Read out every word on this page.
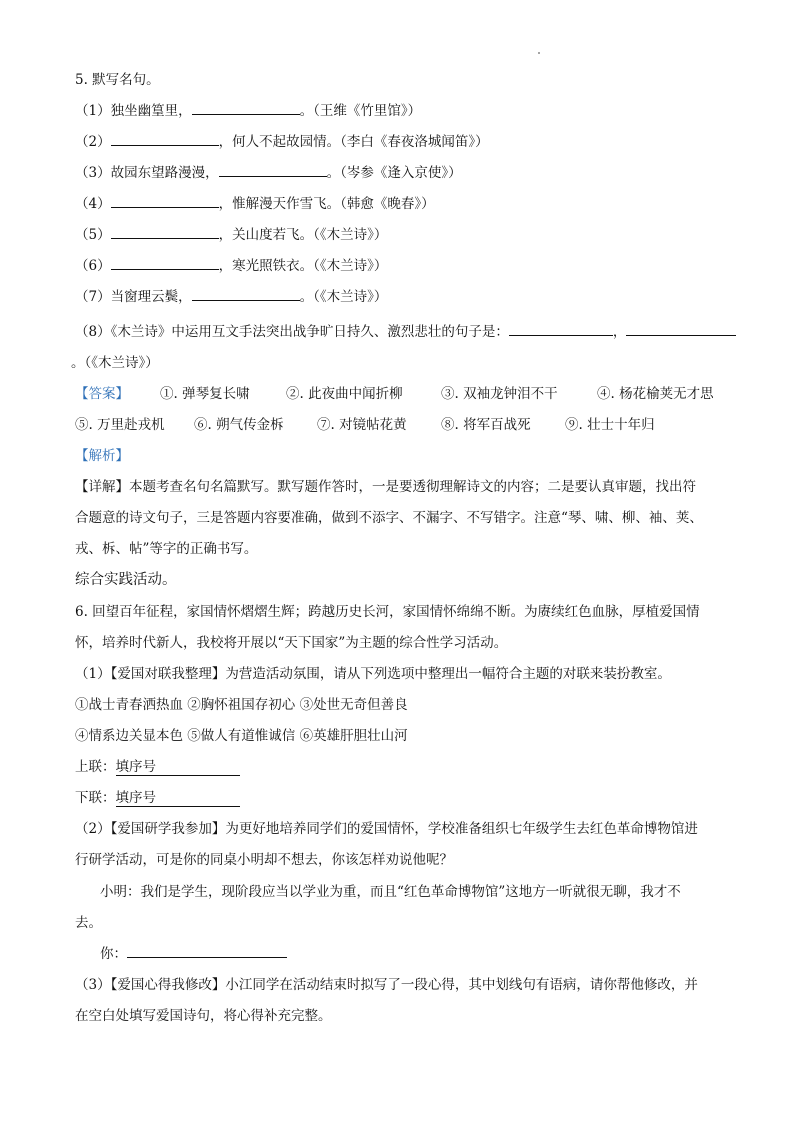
5. 默写名句。
（1）独坐幽篁里，	。（王维《竹里馆》）
（2）	，何人不起故园情。（李白《春夜洛城闻笛》）
（3）故园东望路漫漫，	。（岑参《逢入京使》）
（4）	，惟解漫天作雪飞。（韩愈《晚春》）
（5）	，关山度若飞。（《木兰诗》）
（6）	，寒光照铁衣。（《木兰诗》）
（7）当窗理云鬓，	。（《木兰诗》）
（8）《木兰诗》中运用互文手法突出战争旷日持久、激烈悲壮的句子是：	，
。（《木兰诗》）
【答案】 ①. 弹琴复长啸	②. 此夜曲中闻折柳	③. 双袖龙钟泪不干	④. 杨花榆荚无才思
⑤. 万里赴戎机 ⑥. 朔气传金柝 ⑦. 对镜帖花黄	⑧. 将军百战死	⑨. 壮士十年归
【解析】
【详解】本题考查名句名篇默写。默写题作答时，一是要透彻理解诗文的内容；二是要认真审题，找出符
合题意的诗文句子，三是答题内容要准确，做到不添字、不漏字、不写错字。注意“琴、啸、柳、袖、荚、
戎、柝、帖”等字的正确书写。
综合实践活动。
6. 回望百年征程，家国情怀熠熠生辉；跨越历史长河，家国情怀绵绵不断。为赓续红色血脉，厚植爱国情
怀，培养时代新人，我校将开展以“天下国家”为主题的综合性学习活动。
（1）【爱国对联我整理】为营造活动氛围，请从下列选项中整理出一幅符合主题的对联来装扮教室。
①战士青春洒热血 ②胸怀祖国存初心 ③处世无奇但善良
④情系边关显本色 ⑤做人有道惟诚信 ⑥英雄肝胆壮山河
上联：填序号
下联：填序号
（2）【爱国研学我参加】为更好地培养同学们的爱国情怀，学校准备组织七年级学生去红色革命博物馆进
行研学活动，可是你的同桌小明却不想去，你该怎样劝说他呢？
小明：我们是学生，现阶段应当以学业为重，而且“红色革命博物馆”这地方一听就很无聊，我才不
去。
你：
（3）【爱国心得我修改】小江同学在活动结束时拟写了一段心得，其中划线句有语病，请你帮他修改，并
在空白处填写爱国诗句，将心得补充完整。
